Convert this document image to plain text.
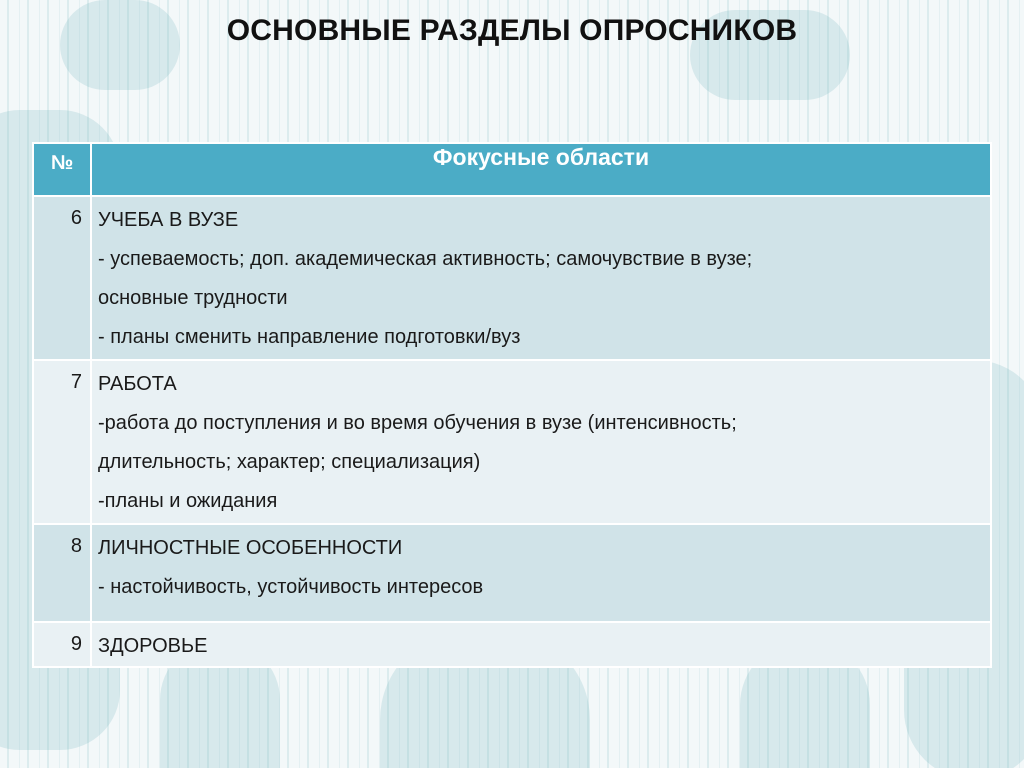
ОСНОВНЫЕ РАЗДЕЛЫ ОПРОСНИКОВ
№	Фокусные области
6	УЧЕБА В ВУЗЕ
- успеваемость; доп. академическая активность; самочувствие в вузе;
основные трудности
- планы сменить направление подготовки/вуз

7	РАБОТА
-работа до поступления и во время обучения в вузе (интенсивность;
длительность; характер; специализация)
-планы и ожидания

8	ЛИЧНОСТНЫЕ ОСОБЕННОСТИ
- настойчивость, устойчивость интересов

9	ЗДОРОВЬЕ
